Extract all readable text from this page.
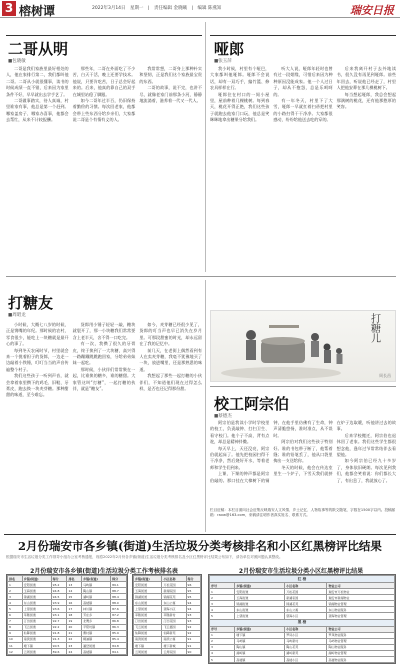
3 榕树谭	2022年3月14日　星期一　|　责任编辑 金晓曦　|　编辑 陈燕知	瑞安日报
二哥从明
■包晓敏

二哥是我们家族里最好相处的人，他在家排行第二，我们都叫他二哥。二哥从小就很懂事，读书的时候成绩一直不错，后来因为家里条件不好，早早就出去学手艺了。

二哥做事踏实，待人真诚，村里谁家有事，他总是第一个赶到。哪家盖房子、哪家办喜事，他都会去帮忙，从来不计较报酬。

那些年，二哥在外面吃了不少苦，白天干活，晚上还要学技术。他说，只要肯吃苦，日子总会好起来的。后来，他真的靠自己的双手在城里站稳了脚跟。

如今二哥年过半百，仍旧保持着勤俭的习惯。每次回老家，他都会带上些东西分给乡亲们，大家都说二哥是个有情有义的人。

我常常想，二哥身上那种朴实和坚韧，正是我们这个家族最宝贵的东西。

二哥的故事，说不完，也讲不尽，就像老家门前那条小河，静静地流淌着，滋养着一代又一代人。

哑郎
■张玉萍

我小时候，村里有个哑巴，大家都叫他哑郎。哑郎不会说话，却有一双巧手，编竹篮、修农具样样在行。

哑郎住在村口的一间小屋里，屋前种着几棵桃树。每到春天，桃花开得正艳，我们这些孩子就跑去他家门口玩，他总是笑眯眯地拿出糖果分给我们。

听大人说，哑郎年轻时也曾有过一段姻缘，可惜后来因为种种原因没能成家。他一个人过日子，却从不抱怨，总是乐呵呵的。

有一年冬天，村里下了大雪，哑郎一早就扛着扫帚把村里的小路扫得干干净净。大家都很感动，纷纷给他送去吃的穿的。

后来我离开村子去外地读书，很久没有再见到哑郎。前些年回去，听说他已经走了，村里人把他安葬在那几棵桃树下。

每当想起哑郎，我总会想起那满树的桃花，还有他那憨厚的笑容。

打糖友
■周昭龙

小时候，大概七八岁的时候，正是馋嘴的年纪。那时候的农村，零食很少，能吃上一块糖就是最开心的事了。

每到冬天农闲时节，村里就会来一个挑着担子的货郎，一边走一边敲着小铁锤，叮叮当当的声音传遍整个村子。

我们这些孩子一听到声音，就会拿着家里攒下的鸡毛、旧鞋、牙膏皮，跑去换一块麦芽糖。那种甜甜的味道，至今难忘。

货郎用小锤子轻轻一敲，糖块就裂开了，那一小块糖我们常常要含上老半天，舍不得一口吃完。

有一次，我攒了很久的牙膏皮，终于换到了一大块糖，高兴得一路蹦蹦跳跳跑回家，分给弟弟妹妹一起吃。

那时候，小伙伴们常常聚在一起，比谁换的糖多，谁的糖甜。大家管这叫“打糖”，一起打糖的伙伴，就是“糖友”。

如今，麦芽糖已经很少见了，货郎的叮当声也早已消失在岁月里。可那段甜蜜的时光，却永远留在了我的记忆中。

前几天，在老街上偶然看到有人在卖麦芽糖，我毫不犹豫地买了一块，放进嘴里，还是那熟悉的味道。

我想起了那些一起打糖的小伙伴们，不知道他们现在过得怎么样，是否也还记得那份甜。

打糖儿
周长昌
校工阿宗伯
■蔡德杰

阿宗伯是我读小学时学校里的校工，负责敲钟、打扫卫生、看守校门。他个子不高，背有点驼，却总是精神抖擞。

每天早上，天还没亮，阿宗伯就起床了。他先把校园扫得干干净净，然后烧好开水，等着老师和学生们到来。

上课、下课的钟声都是阿宗伯敲的。那口挂在大樟树下的铜钟，在他手里仿佛有了生命，钟声清脆悠扬，准时准点，从不误时。

阿宗伯对我们这些孩子特别好。谁的书包带子断了，他帮着缝；谁的铅笔丢了，他从口袋里掏出一支送给你。

冬天的时候，他会在传达室里生一个炉子，下雪天我们就挤在炉子边取暖，听他讲过去的故事。

后来学校搬迁，阿宗伯也退休回了老家。我们这些学生都很想念他，逢年过节常常结伴去看望他。

如今阿宗伯已经九十多岁了，身体依旧硬朗。每次见到我们，他都会笑着说：你们都长大了，有出息了，我就放心了。

栏目征稿：本栏目面向社会征集反映瑞安人文风情、乡土记忆、人物故事等的散文随笔，字数在1500字以内。投稿邮箱：raxw@163.com，来稿请注明作者真实姓名、联系方式。
2月份瑞安市各乡镇(街道)生活垃圾分类考核排名和小区红黑榜评比结果
根据瑞安市生活垃圾分类工作领导小组办公室考核通报，现将2022年2月份各乡镇(街道)生活垃圾分类考核排名及小区红黑榜评比结果公布如下，请各单位对照问题认真整改。
2月份瑞安市各乡镇(街道)生活垃圾分类工作考核排名表
排名	乡镇(街道)	得分	排名	乡镇(街道)	得分
1	安阳街道	95.2	13	马屿镇	89.1
2	玉海街道	94.8	14	陶山镇	88.7
3	锦湖街道	94.5	15	湖岭镇	88.4
4	东山街道	93.9	16	高楼镇	88.0
5	上望街道	93.6	17	林川镇	87.6
6	莘塍街道	93.1	18	芳庄乡	87.2
7	汀田街道	92.7	19	北麂乡	86.8
8	飞云街道	92.2	20	平阳坑镇	86.3
9	仙降街道	91.8	21	曹村镇	85.9
10	南滨街道	91.3	22	桐浦镇	85.4
11	塘下镇	90.5	23	潘岱街道	84.8
12	云周街道	89.6	24	高楼镇	84.1
乡镇(街道)	小区名称	得分
安阳街道	万松花园	96
玉海街道	新湖家园	95
锦湖街道	锦湖花苑	95
东山街道	东山公寓	94
上望街道	望海小区	94
莘塍街道	莘塍新村	93
汀田街道	汀田花园	93
飞云街道	飞云嘉园	92
仙降街道	仙降新苑	92
南滨街道	南滨公寓	91
塘下镇	塘下新城	91
云周街道	云周家园	90
2月份瑞安市生活垃圾分类小区红黑榜评比结果
红 榜			
序号	乡镇(街道)	小区名称	物业公司
1	安阳街道	万松花园	瑞安市万松物业
2	玉海街道	新湖家园	瑞安市新湖物业
3	锦湖街道	锦湖花苑	锦湖物业管理
4	东山街道	东山公寓	东山物业服务
5	上望街道	望海小区	望海物业管理
黑 榜			
序号	乡镇(街道)	小区名称	物业公司
1	塘下镇	罗凤小区	罗凤物业服务
2	马屿镇	马屿新村	马屿物业管理
3	陶山镇	陶山花苑	陶山物业服务
4	湖岭镇	湖岭新苑	湖岭物业管理
5	高楼镇	高楼小区	高楼物业服务
